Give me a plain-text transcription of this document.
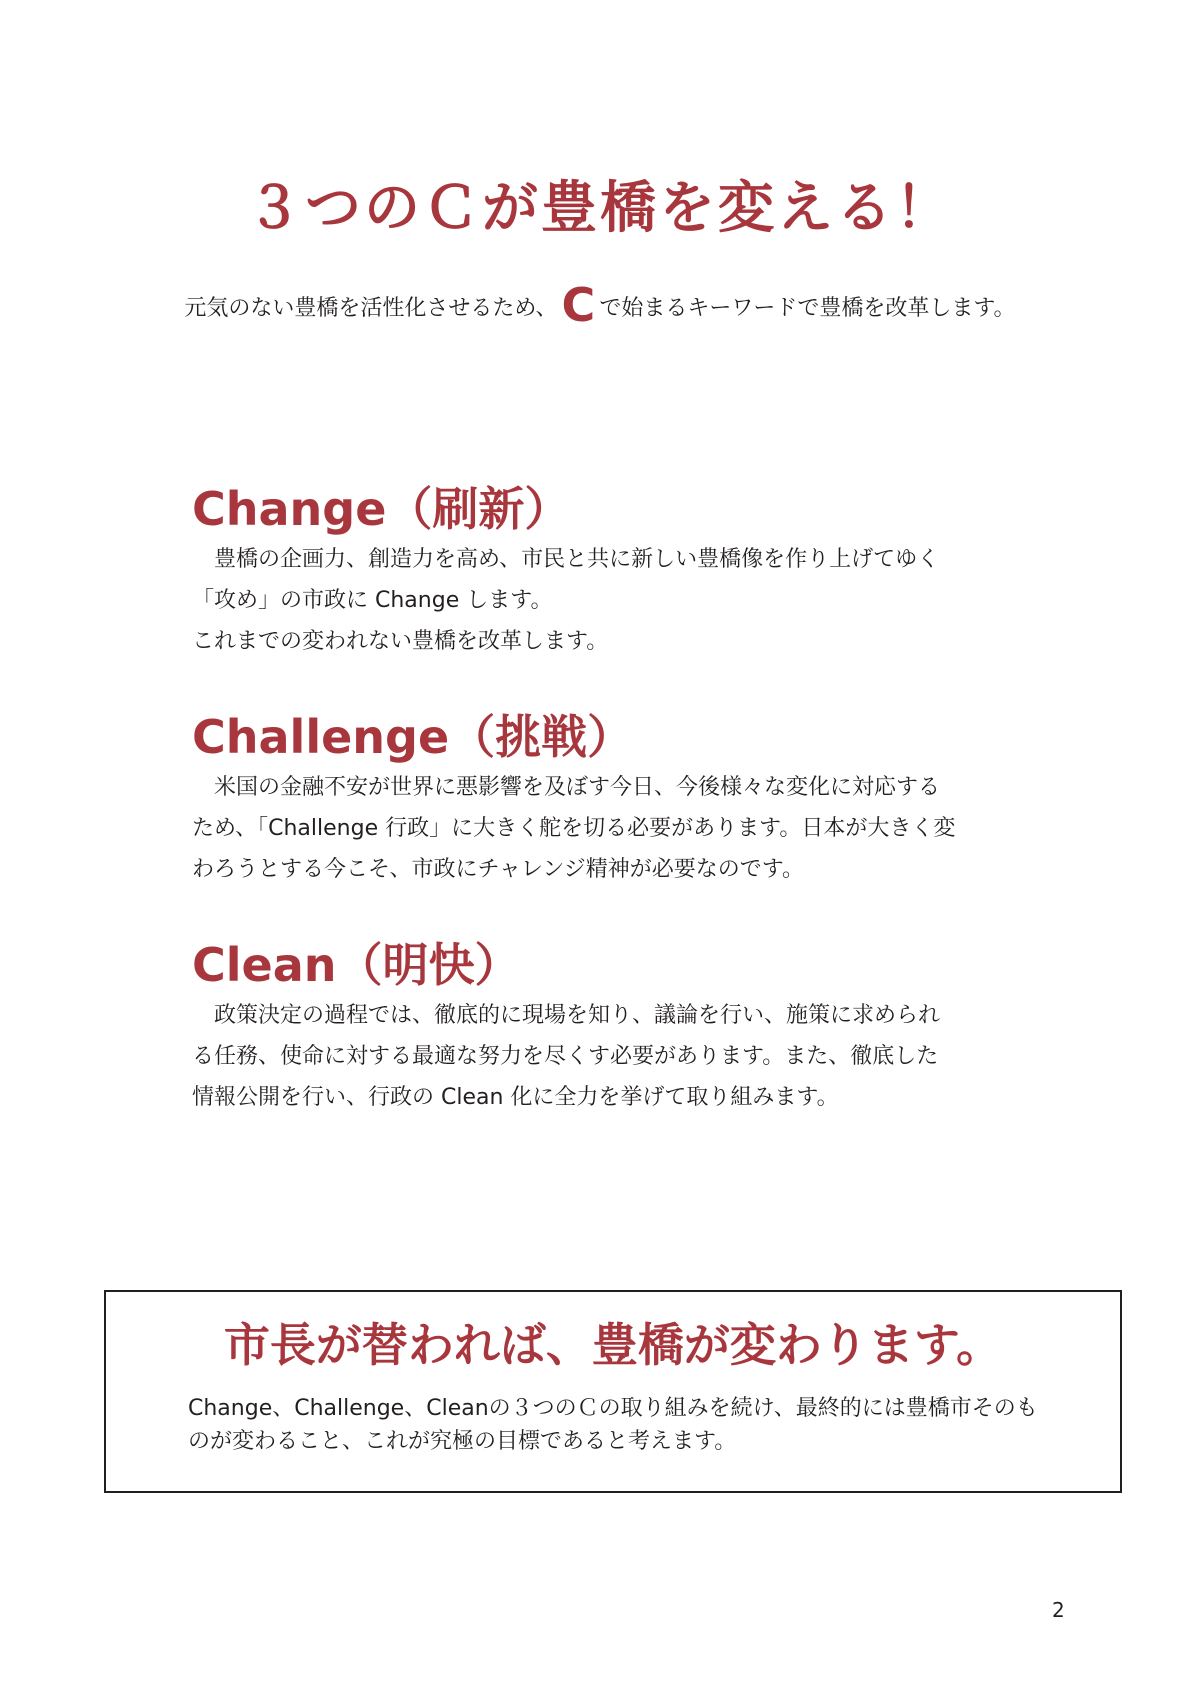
３つのＣが豊橋を変える！
元気のない豊橋を活性化させるため、C で始まるキーワードで豊橋を改革します。
Change（刷新）
　豊橋の企画力、創造力を高め、市民と共に新しい豊橋像を作り上げてゆく
「攻め」の市政に Change します。
これまでの変われない豊橋を改革します。
Challenge（挑戦）
　米国の金融不安が世界に悪影響を及ぼす今日、今後様々な変化に対応する
ため、「Challenge 行政」に大きく舵を切る必要があります。日本が大きく変
わろうとする今こそ、市政にチャレンジ精神が必要なのです。
Clean（明快）
　政策決定の過程では、徹底的に現場を知り、議論を行い、施策に求められ
る任務、使命に対する最適な努力を尽くす必要があります。また、徹底した
情報公開を行い、行政の Clean 化に全力を挙げて取り組みます。
市長が替われば、豊橋が変わります。
Change、Challenge、Cleanの３つのＣの取り組みを続け、最終的には豊橋市そのものが変わること、これが究極の目標であると考えます。
2
